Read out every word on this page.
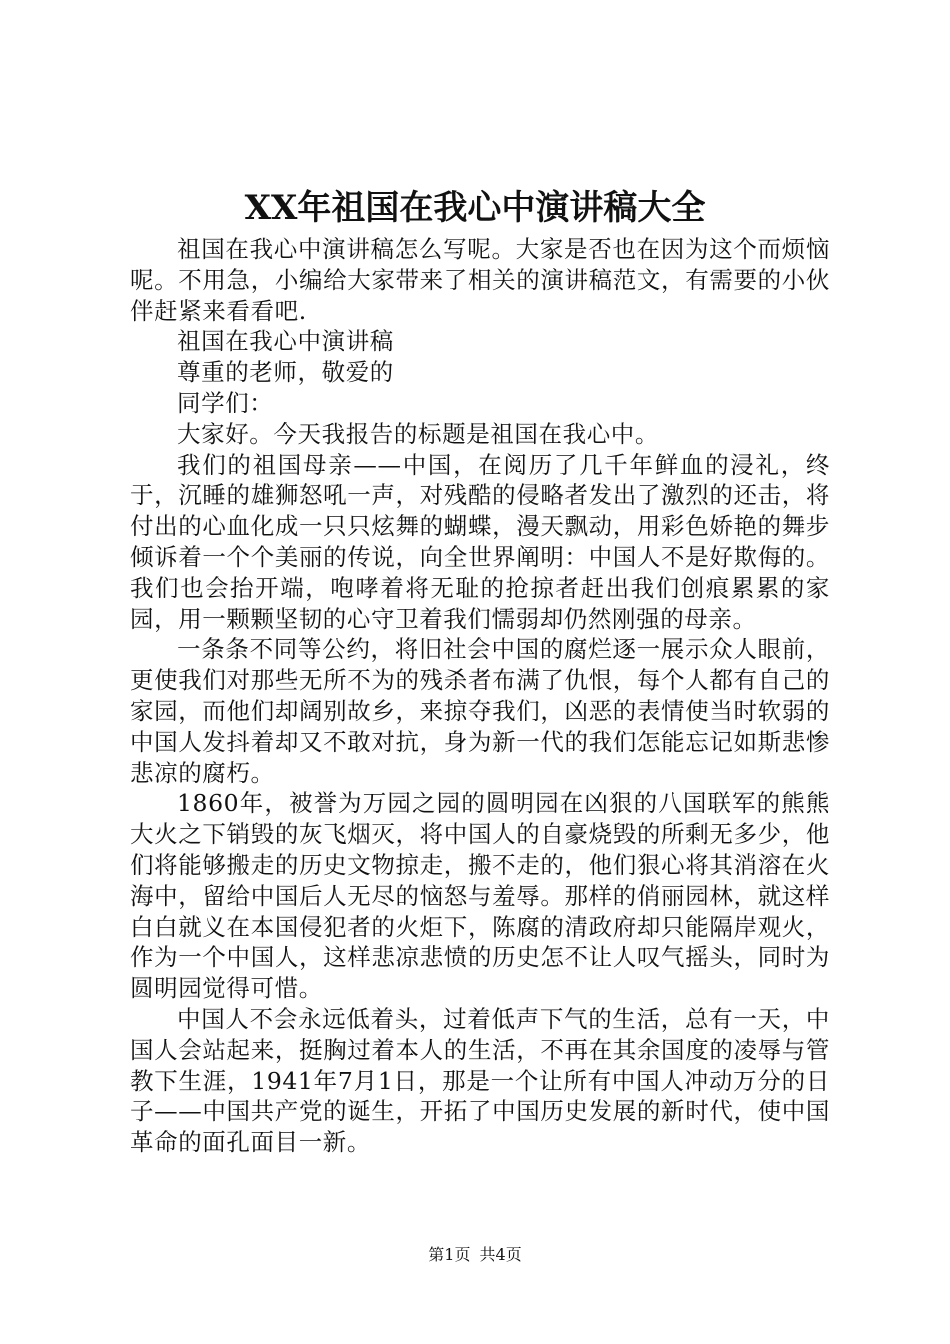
XX年祖国在我心中演讲稿大全

祖国在我心中演讲稿怎么写呢。大家是否也在因为这个而烦恼呢。不用急，小编给大家带来了相关的演讲稿范文，有需要的小伙伴赶紧来看看吧.

祖国在我心中演讲稿

尊重的老师，敬爱的

同学们：

大家好。今天我报告的标题是祖国在我心中。

我们的祖国母亲——中国，在阅历了几千年鲜血的浸礼，终于，沉睡的雄狮怒吼一声，对残酷的侵略者发出了激烈的还击，将付出的心血化成一只只炫舞的蝴蝶，漫天飘动，用彩色娇艳的舞步倾诉着一个个美丽的传说，向全世界阐明：中国人不是好欺侮的。我们也会抬开端，咆哮着将无耻的抢掠者赶出我们创痕累累的家园，用一颗颗坚韧的心守卫着我们懦弱却仍然刚强的母亲。

一条条不同等公约，将旧社会中国的腐烂逐一展示众人眼前，更使我们对那些无所不为的残杀者布满了仇恨，每个人都有自己的家园，而他们却阔别故乡，来掠夺我们，凶恶的表情使当时软弱的中国人发抖着却又不敢对抗，身为新一代的我们怎能忘记如斯悲惨悲凉的腐朽。

1860年，被誉为万园之园的圆明园在凶狠的八国联军的熊熊大火之下销毁的灰飞烟灭，将中国人的自豪烧毁的所剩无多少，他们将能够搬走的历史文物掠走，搬不走的，他们狠心将其消溶在火海中，留给中国后人无尽的恼怒与羞辱。那样的俏丽园林，就这样白白就义在本国侵犯者的火炬下，陈腐的清政府却只能隔岸观火，作为一个中国人，这样悲凉悲愤的历史怎不让人叹气摇头，同时为圆明园觉得可惜。

中国人不会永远低着头，过着低声下气的生活，总有一天，中国人会站起来，挺胸过着本人的生活，不再在其余国度的凌辱与管教下生涯，1941年7月1日，那是一个让所有中国人冲动万分的日子——中国共产党的诞生，开拓了中国历史发展的新时代，使中国革命的面孔面目一新。

第1页 共4页
